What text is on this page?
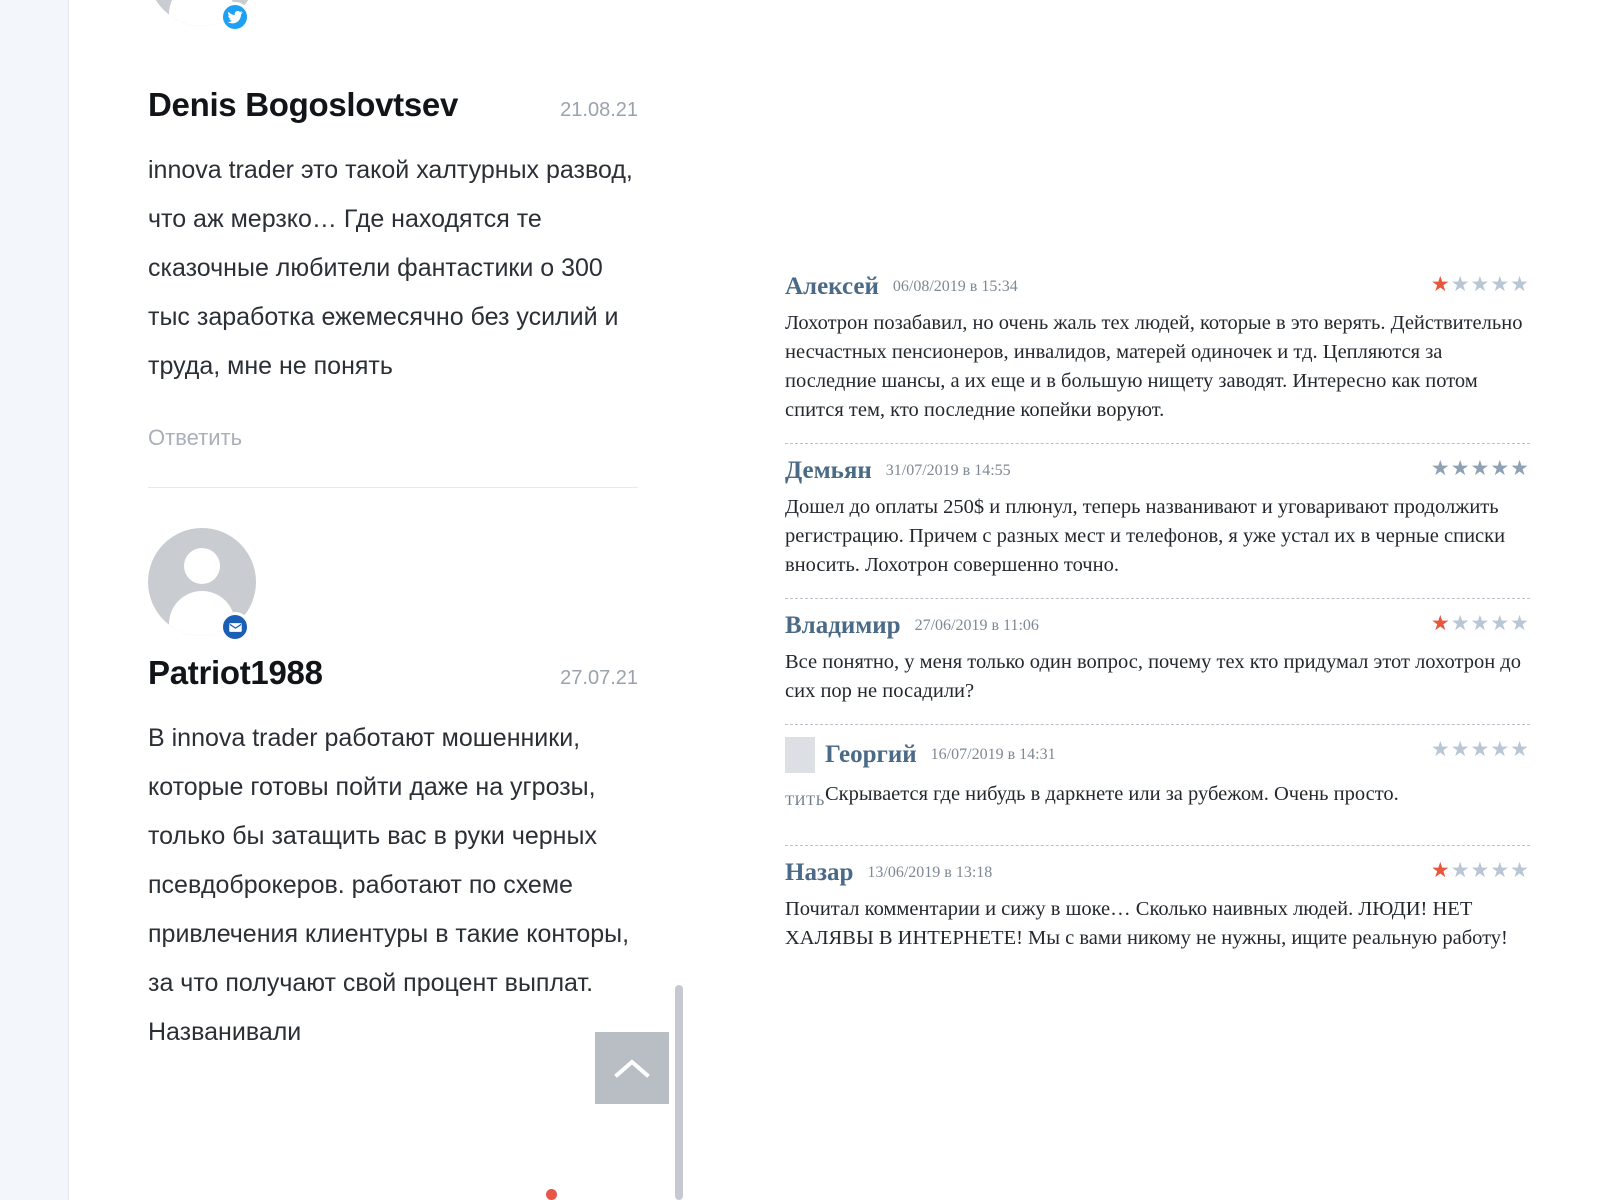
Denis Bogoslovtsev	21.08.21
innova trader это такой халтурных развод, что аж мерзко… Где находятся те сказочные любители фантастики о 300 тыс заработка ежемесячно без усилий и труда, мне не понять
Ответить
Patriot1988	27.07.21
В innova trader работают мошенники, которые готовы пойти даже на угрозы, только бы затащить вас в руки черных псевдоброкеров. работают по схеме привлечения клиентуры в такие конторы, за что получают свой процент выплат. Названивали
Алексей 06/08/2019 в 15:34	★★★★★
Лохотрон позабавил, но очень жаль тех людей, которые в это верять. Действительно несчастных пенсионеров, инвалидов, матерей одиночек и тд. Цепляются за последние шансы, а их еще и в большую нищету заводят. Интересно как потом спится тем, кто последние копейки воруют.
Демьян 31/07/2019 в 14:55	★★★★★
Дошел до оплаты 250$ и плюнул, теперь названивают и уговаривают продолжить регистрацию. Причем с разных мест и телефонов, я уже устал их в черные списки вносить. Лохотрон совершенно точно.
Владимир 27/06/2019 в 11:06	★★★★★
Все понятно, у меня только один вопрос, почему тех кто придумал этот лохотрон до сих пор не посадили?
Георгий 16/07/2019 в 14:31	★★★★★
Скрывается где нибудь в даркнете или за рубежом. Очень просто.
ТИТЬ
Назар 13/06/2019 в 13:18	★★★★★
Почитал комментарии и сижу в шоке… Сколько наивных людей. ЛЮДИ! НЕТ ХАЛЯВЫ В ИНТЕРНЕТЕ! Мы с вами никому не нужны, ищите реальную работу!
